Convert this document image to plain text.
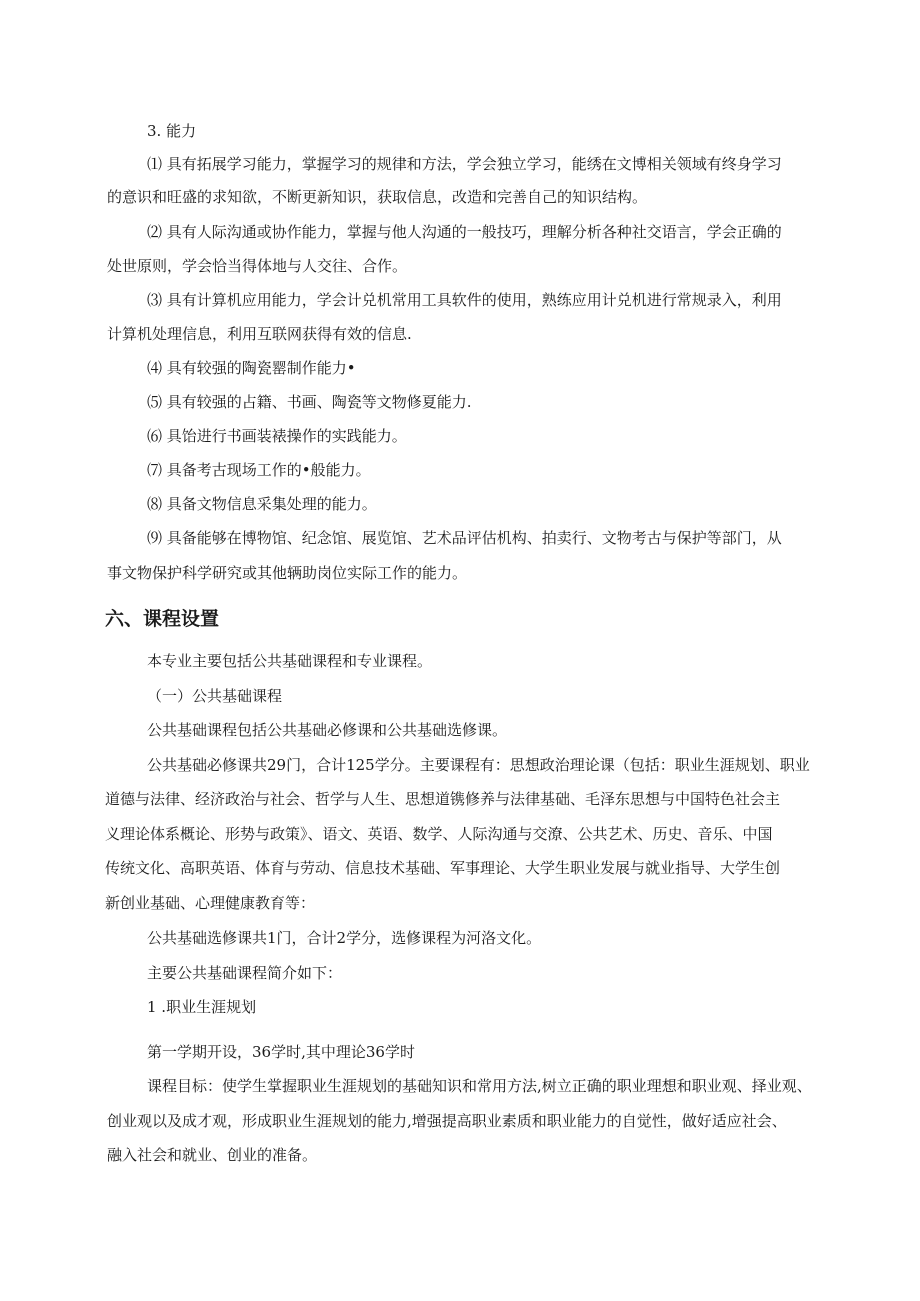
3. 能力
⑴ 具有拓展学习能力，掌握学习的规律和方法，学会独立学习，能绣在文博相关领域有终身学习
的意识和旺盛的求知欲，不断更新知识，获取信息，改造和完善自己的知识结构。
⑵ 具有人际沟通或协作能力，掌握与他人沟通的一般技巧，理解分析各种社交语言，学会正确的
处世原则，学会恰当得体地与人交往、合作。
⑶ 具有计算机应用能力，学会计兑机常用工具软件的使用，熟练应用计兑机进行常规录入，利用
计算机处理信息，利用互联网获得有效的信息.
⑷ 具有较强的陶瓷罂制作能力•
⑸ 具有较强的占籍、书画、陶瓷等文物修夏能力.
⑹ 具饴进行书画装裱操作的实践能力。
⑺ 具备考古现场工作的•般能力。
⑻ 具备文物信息采集处理的能力。
⑼ 具备能够在博物馆、纪念馆、展览馆、艺术品评估机构、拍卖行、文物考古与保护等部门，从
事文物保护科学研究或其他辆助岗位实际工作的能力。
六、课程设置
本专业主要包括公共基础课程和专业课程。
（一）公共基础课程
公共基础课程包括公共基础必修课和公共基础选修课。
公共基础必修课共29门，合计125学分。主要课程有：思想政治理论课（包括：职业生涯规划、职业
道德与法律、经济政治与社会、哲学与人生、思想道镌修养与法律基础、毛泽东思想与中国特色社会主
义理论体系概论、形势与政策》、语文、英语、数学、人际沟通与交潦、公共艺术、历史、音乐、中国
传统文化、高职英语、体育与劳动、信息技术基础、军事理论、大学生职业发展与就业指导、大学生创
新创业基础、心理健康教育等：
公共基础选修课共1门，合计2学分，选修课程为河洛文化。
主要公共基础课程简介如下：
1 .职业生涯规划
第一学期开设，36学时,其中理论36学时
课程目标：使学生掌握职业生涯规划的基础知识和常用方法,树立正确的职业理想和职业观、择业观、
创业观以及成才观，形成职业生涯规划的能力,增强提高职业素质和职业能力的自觉性，做好适应社会、
融入社会和就业、创业的准备。
